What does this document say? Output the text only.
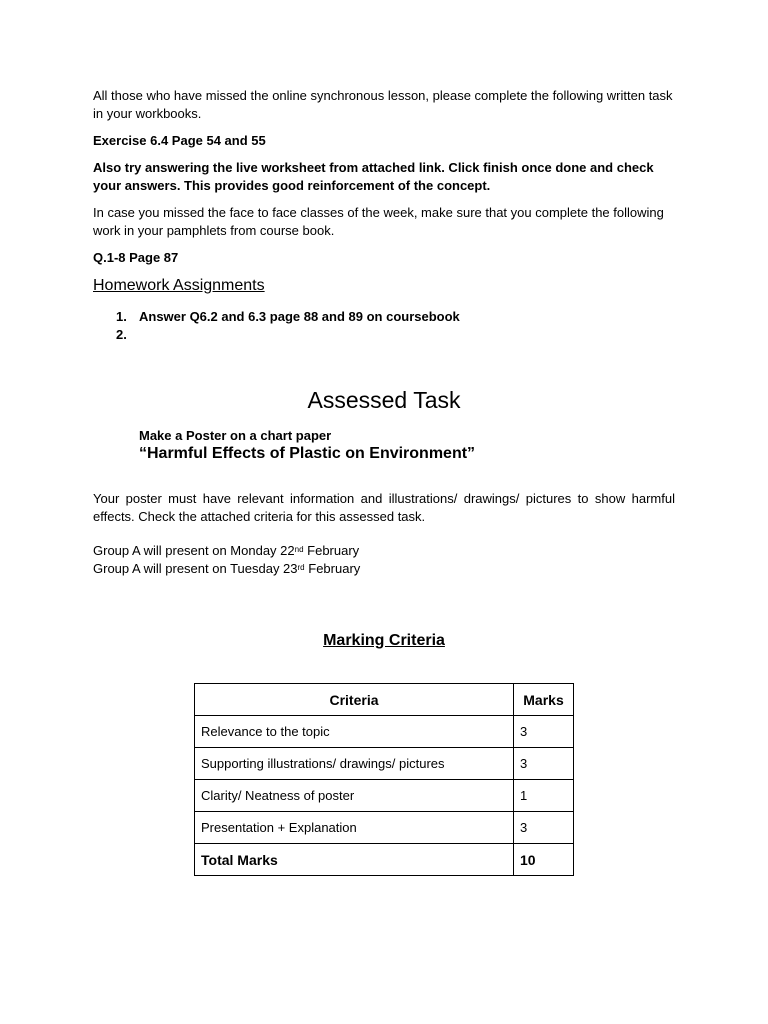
All those who have missed the online synchronous lesson, please complete the following written task in your workbooks.
Exercise 6.4 Page 54 and 55
Also try answering the live worksheet from attached link. Click finish once done and check your answers. This provides good reinforcement of the concept.
In case you missed the face to face classes of the week, make sure that you complete the following work in your pamphlets from course book.
Q.1-8 Page 87
Homework Assignments
1. Answer Q6.2 and 6.3 page 88 and 89 on coursebook
2.
Assessed Task
Make a Poster on a chart paper
“Harmful Effects of Plastic on Environment”
Your poster must have relevant information and illustrations/ drawings/ pictures to show harmful effects. Check the attached criteria for this assessed task.
Group A will present on Monday 22nd February
Group A will present on Tuesday 23rd February
Marking Criteria
Criteria	Marks
Relevance to the topic	3
Supporting illustrations/ drawings/ pictures	3
Clarity/ Neatness of poster	1
Presentation + Explanation	3
Total Marks	10
